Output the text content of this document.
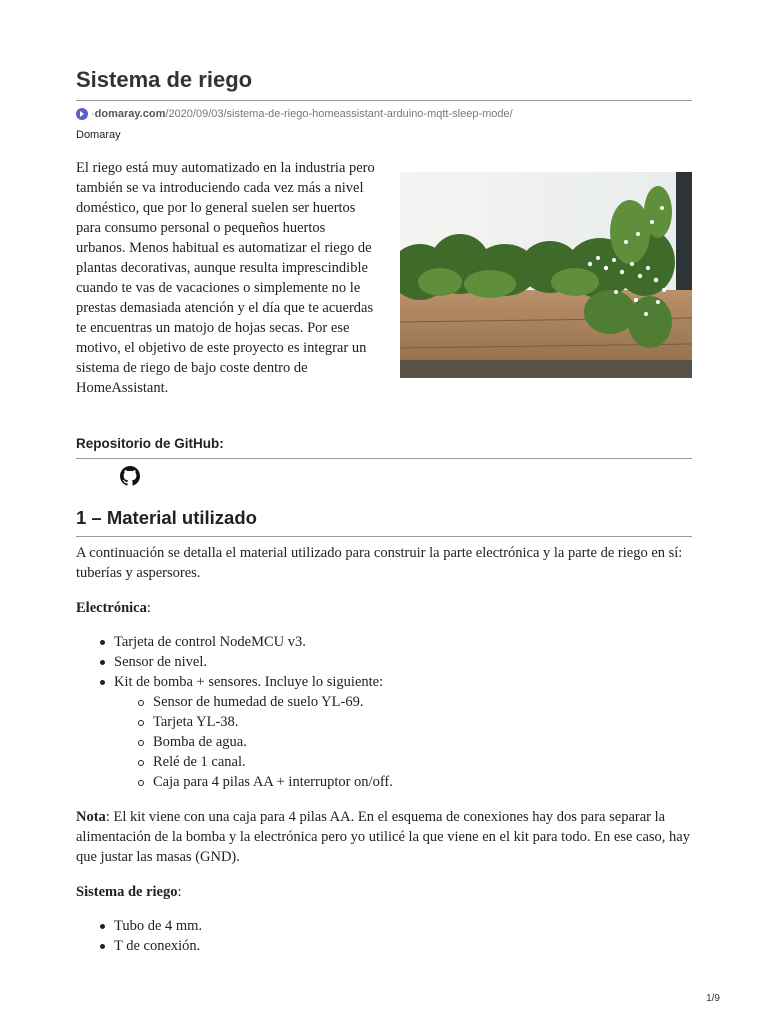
Sistema de riego
· domaray.com /2020/09/03/sistema-de-riego-homeassistant-arduino-mqtt-sleep-mode/
Domaray
El riego está muy automatizado en la industria pero también se va introduciendo cada vez más a nivel doméstico, que por lo general suelen ser huertos para consumo personal o pequeños huertos urbanos. Menos habitual es automatizar el riego de plantas decorativas, aunque resulta imprescindible cuando te vas de vacaciones o simplemente no le prestas demasiada atención y el día que te acuerdas te encuentras un matojo de hojas secas. Por ese motivo, el objetivo de este proyecto es integrar un sistema de riego de bajo coste dentro de HomeAssistant.
Repositorio de GitHub:
1 – Material utilizado

A continuación se detalla el material utilizado para construir la parte electrónica y la parte de riego en sí: tuberías y aspersores.

Electrónica:

Tarjeta de control NodeMCU v3.
Sensor de nivel.
Kit de bomba + sensores. Incluye lo siguiente:
Sensor de humedad de suelo YL-69.
Tarjeta YL-38.
Bomba de agua.
Relé de 1 canal.
Caja para 4 pilas AA + interruptor on/off.

Nota: El kit viene con una caja para 4 pilas AA. En el esquema de conexiones hay dos para separar la alimentación de la bomba y la electrónica pero yo utilicé la que viene en el kit para todo. En ese caso, hay que justar las masas (GND).

Sistema de riego:

Tubo de 4 mm.
T de conexión.
1/9
